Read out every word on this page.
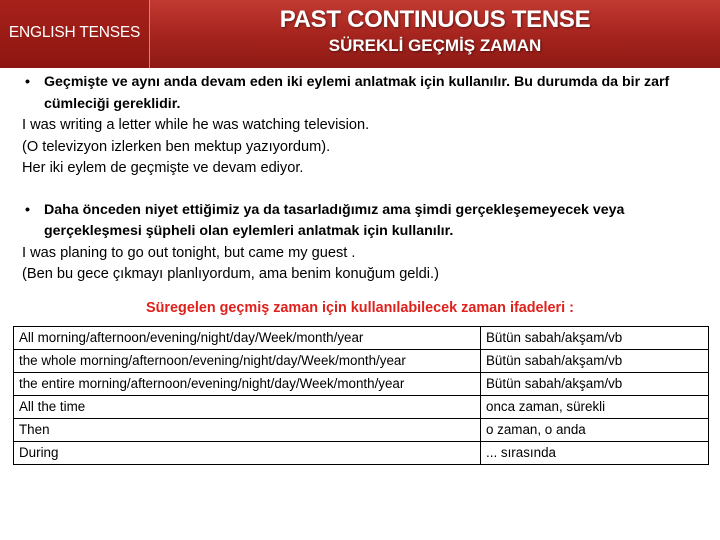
ENGLISH TENSES	PAST CONTINUOUS TENSE
SÜREKLİ GEÇMİŞ ZAMAN
• Geçmişte ve aynı anda devam eden iki eylemi anlatmak için kullanılır. Bu durumda da bir zarf cümleciği gereklidir.
I was writing a letter while he was watching television.
(O televizyon izlerken ben mektup yazıyordum).
Her iki eylem de geçmişte ve devam ediyor.
• Daha önceden niyet ettiğimiz ya da tasarladığımız ama şimdi gerçekleşemeyecek veya gerçekleşmesi şüpheli olan eylemleri anlatmak için kullanılır.
I was planing to go out tonight, but came my guest .
(Ben bu gece çıkmayı planlıyordum, ama benim konuğum geldi.)
Süregelen geçmiş zaman için kullanılabilecek zaman ifadeleri :
All morning/afternoon/evening/night/day/Week/month/year	Bütün sabah/akşam/vb
the whole morning/afternoon/evening/night/day/Week/month/year	Bütün sabah/akşam/vb
the entire morning/afternoon/evening/night/day/Week/month/year	Bütün sabah/akşam/vb
All the time	onca zaman, sürekli
Then	o zaman, o anda
During	... sırasında
